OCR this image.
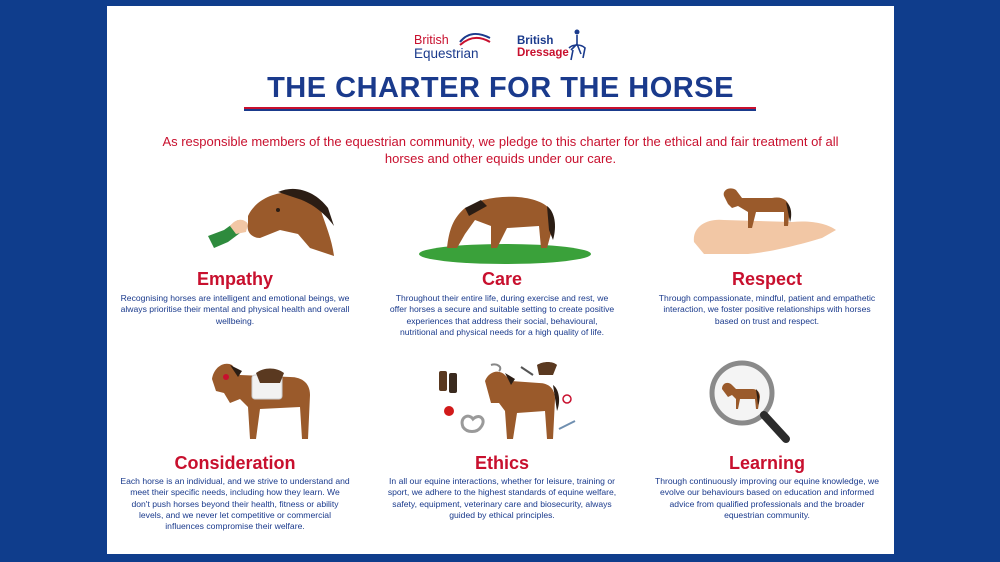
British
Equestrian
British
Dressage
THE CHARTER FOR THE HORSE
As responsible members of the equestrian community, we pledge to this charter for the ethical and fair treatment of all horses and other equids under our care.
Empathy

Recognising horses are intelligent and emotional beings, we always prioritise their mental and physical health and overall wellbeing.

Care

Throughout their entire life, during exercise and rest, we offer horses a secure and suitable setting to create positive experiences that address their social, behavioural, nutritional and physical needs for a high quality of life.

Respect

Through compassionate, mindful, patient and empathetic interaction, we foster positive relationships with horses based on trust and respect.

Consideration

Each horse is an individual, and we strive to understand and meet their specific needs, including how they learn. We don't push horses beyond their health, fitness or ability levels, and we never let competitive or commercial influences compromise their welfare.

Ethics

In all our equine interactions, whether for leisure, training or sport, we adhere to the highest standards of equine welfare, safety, equipment, veterinary care and biosecurity, always guided by ethical principles.

Learning

Through continuously improving our equine knowledge, we evolve our behaviours based on education and informed advice from qualified professionals and the broader equestrian community.
